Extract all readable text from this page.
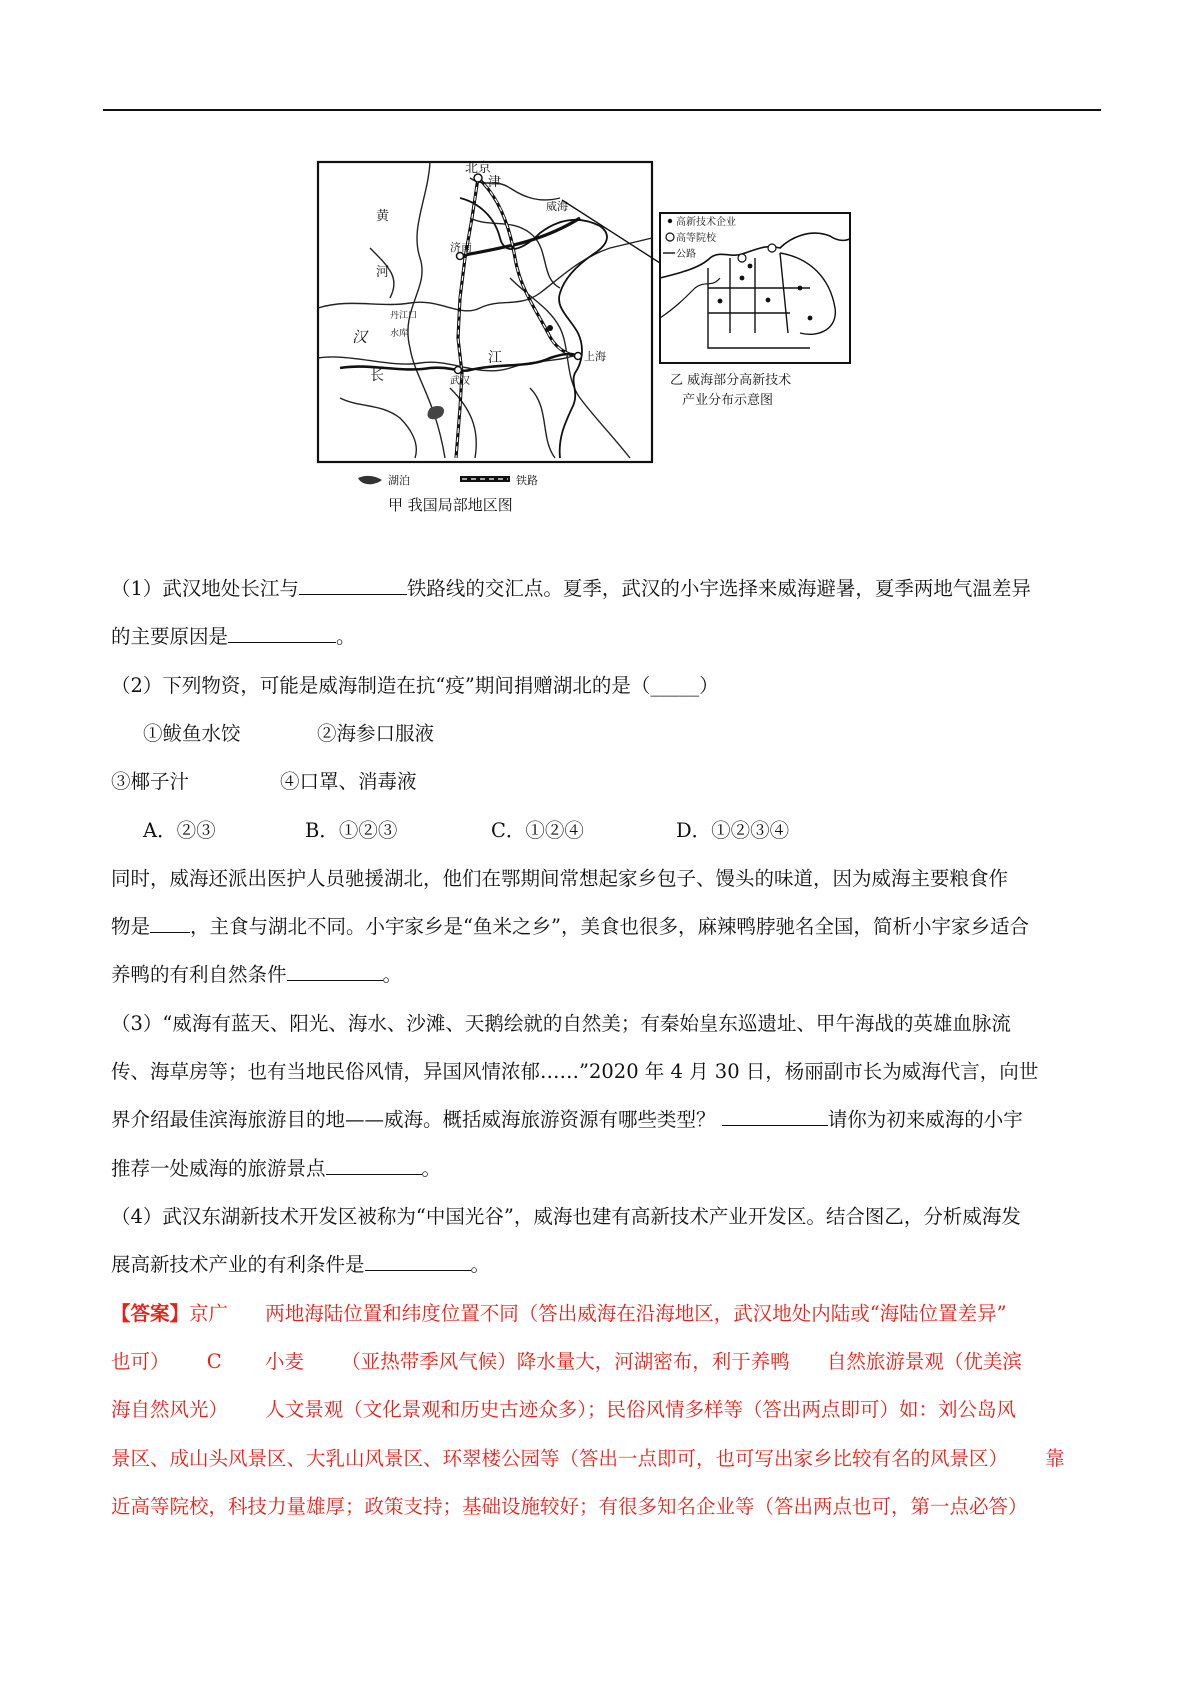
北京
津
黄
河
威海
济南
丹江口
水库
汉
长
江
武汉
上海
湖泊	铁路
甲 我国局部地区图
高新技术企业
高等院校
公路
乙 威海部分高新技术
产业分布示意图
（1）武汉地处长江与	铁路线的交汇点。夏季，武汉的小宇选择来威海避暑，夏季两地气温差异
的主要原因是	。
（2）下列物资，可能是威海制造在抗“疫”期间捐赠湖北的是（_____）
①鲅鱼水饺	②海参口服液
③椰子汁	④口罩、消毒液
A．②③	B．①②③	C．①②④	D．①②③④
同时，威海还派出医护人员驰援湖北，他们在鄂期间常想起家乡包子、馒头的味道，因为威海主要粮食作
物是 ，主食与湖北不同。小宇家乡是“鱼米之乡”，美食也很多，麻辣鸭脖驰名全国，简析小宇家乡适合
养鸭的有利自然条件	。
（3）“威海有蓝天、阳光、海水、沙滩、天鹅绘就的自然美；有秦始皇东巡遗址、甲午海战的英雄血脉流
传、海草房等；也有当地民俗风情，异国风情浓郁……”2020 年 4 月 30 日，杨丽副市长为威海代言，向世
界介绍最佳滨海旅游目的地——威海。概括威海旅游资源有哪些类型？	请你为初来威海的小宇
推荐一处威海的旅游景点	。
（4）武汉东湖新技术开发区被称为“中国光谷”，威海也建有高新技术产业开发区。结合图乙，分析威海发
展高新技术产业的有利条件是	。
【答案】京广      两地海陆位置和纬度位置不同（答出威海在沿海地区，武汉地处内陆或“海陆位置差异”
也可）      C       小麦      （亚热带季风气候）降水量大，河湖密布，利于养鸭      自然旅游景观（优美滨
海自然风光）      人文景观（文化景观和历史古迹众多）；民俗风情多样等（答出两点即可）如：刘公岛风
景区、成山头风景区、大乳山风景区、环翠楼公园等（答出一点即可，也可写出家乡比较有名的风景区）      靠
近高等院校，科技力量雄厚；政策支持；基础设施较好；有很多知名企业等（答出两点也可，第一点必答）
